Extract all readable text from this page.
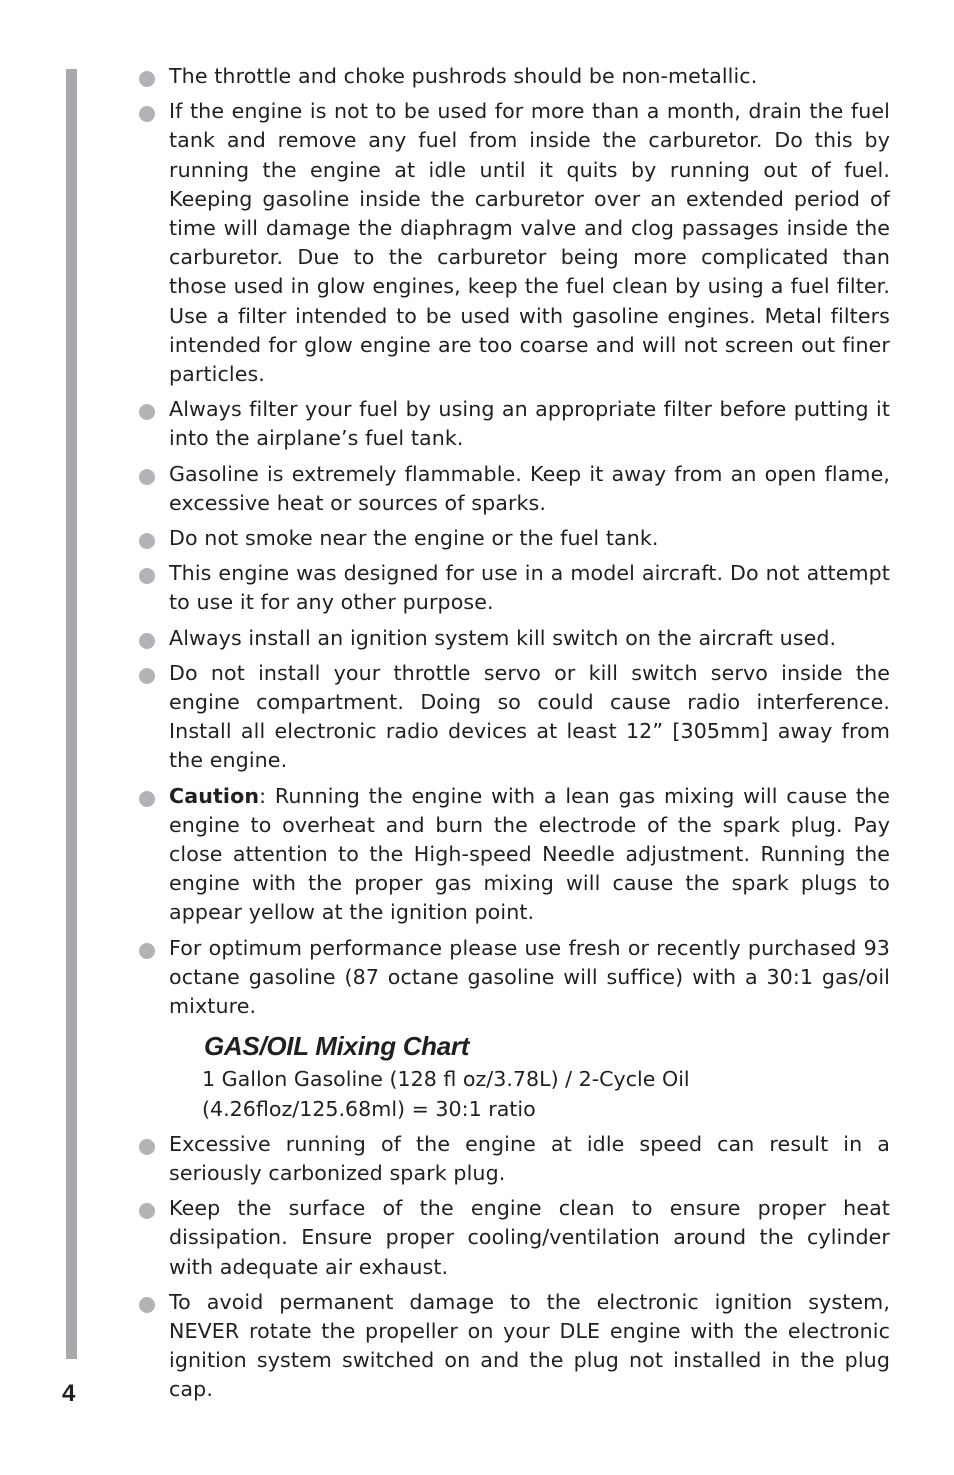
The throttle and choke pushrods should be non-metallic.
If the engine is not to be used for more than a month, drain the fuel tank and remove any fuel from inside the carburetor. Do this by running the engine at idle until it quits by running out of fuel. Keeping gasoline inside the carburetor over an extended period of time will damage the diaphragm valve and clog passages inside the carburetor. Due to the carburetor being more complicated than those used in glow engines, keep the fuel clean by using a fuel filter. Use a filter intended to be used with gasoline engines. Metal filters intended for glow engine are too coarse and will not screen out finer particles.
Always filter your fuel by using an appropriate filter before putting it into the airplane’s fuel tank.
Gasoline is extremely flammable. Keep it away from an open flame, excessive heat or sources of sparks.
Do not smoke near the engine or the fuel tank.
This engine was designed for use in a model aircraft. Do not attempt to use it for any other purpose.
Always install an ignition system kill switch on the aircraft used.
Do not install your throttle servo or kill switch servo inside the engine compartment. Doing so could cause radio interference. Install all electronic radio devices at least 12” [305mm] away from the engine.
Caution: Running the engine with a lean gas mixing will cause the engine to overheat and burn the electrode of the spark plug. Pay close attention to the High-speed Needle adjustment. Running the engine with the proper gas mixing will cause the spark plugs to appear yellow at the ignition point.
For optimum performance please use fresh or recently purchased 93 octane gasoline (87 octane gasoline will suffice) with a 30:1 gas/oil mixture.
GAS/OIL Mixing Chart
1 Gallon Gasoline (128 fl oz/3.78L) / 2-Cycle Oil
(4.26floz/125.68ml) = 30:1 ratio
Excessive running of the engine at idle speed can result in a seriously carbonized spark plug.
Keep the surface of the engine clean to ensure proper heat dissipation. Ensure proper cooling/ventilation around the cylinder with adequate air exhaust.
To avoid permanent damage to the electronic ignition system, NEVER rotate the propeller on your DLE engine with the electronic ignition system switched on and the plug not installed in the plug cap.
4
